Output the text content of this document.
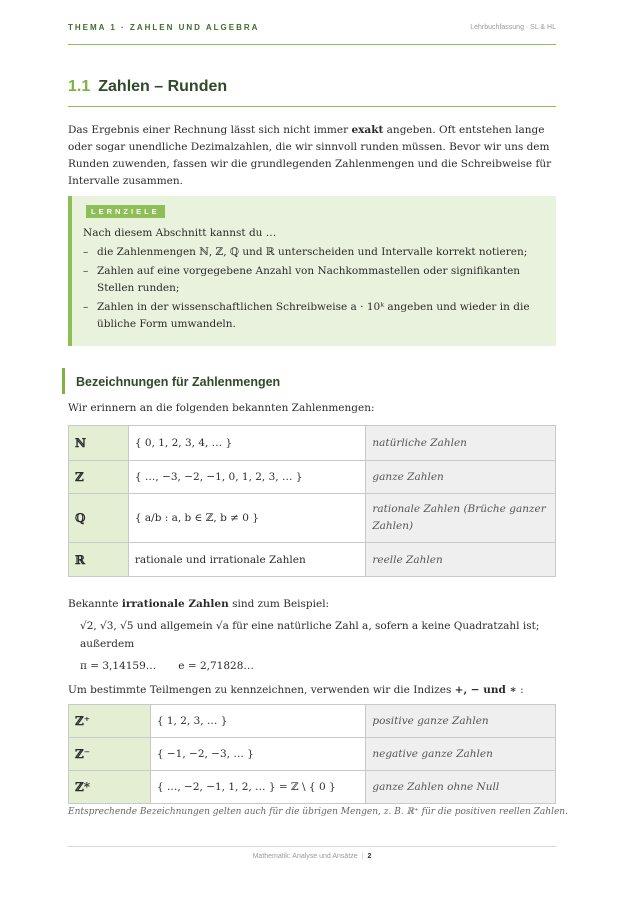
THEMA 1 · ZAHLEN UND ALGEBRA	Lehrbuchfassung · SL & HL
1.1 Zahlen – Runden
Das Ergebnis einer Rechnung lässt sich nicht immer exakt angeben. Oft entstehen lange oder sogar unendliche Dezimalzahlen, die wir sinnvoll runden müssen. Bevor wir uns dem Runden zuwenden, fassen wir die grundlegenden Zahlenmengen und die Schreibweise für Intervalle zusammen.
LERNZIELE
Nach diesem Abschnitt kannst du …
– die Zahlenmengen ℕ, ℤ, ℚ und ℝ unterscheiden und Intervalle korrekt notieren;
– Zahlen auf eine vorgegebene Anzahl von Nachkommastellen oder signifikanten Stellen runden;
– Zahlen in der wissenschaftlichen Schreibweise a · 10ᵏ angeben und wieder in die übliche Form umwandeln.
Bezeichnungen für Zahlenmengen
Wir erinnern an die folgenden bekannten Zahlenmengen:
ℕ	{ 0, 1, 2, 3, 4, … }	natürliche Zahlen
ℤ	{ …, −3, −2, −1, 0, 1, 2, 3, … }	ganze Zahlen
ℚ	{ a/b : a, b ∈ ℤ, b ≠ 0 }	rationale Zahlen (Brüche ganzer Zahlen)
ℝ	rationale und irrationale Zahlen	reelle Zahlen
Bekannte irrationale Zahlen sind zum Beispiel:
√2, √3, √5 und allgemein √a für eine natürliche Zahl a, sofern a keine Quadratzahl ist; außerdem
π = 3,14159… e = 2,71828…
Um bestimmte Teilmengen zu kennzeichnen, verwenden wir die Indizes +, − und ∗ :
ℤ⁺	{ 1, 2, 3, … }	positive ganze Zahlen
ℤ⁻	{ −1, −2, −3, … }	negative ganze Zahlen
ℤ*	{ …, −2, −1, 1, 2, … } = ℤ \ { 0 }	ganze Zahlen ohne Null
Entsprechende Bezeichnungen gelten auch für die übrigen Mengen, z. B. ℝ⁺ für die positiven reellen Zahlen.
Mathematik: Analyse und Ansätze | 2
